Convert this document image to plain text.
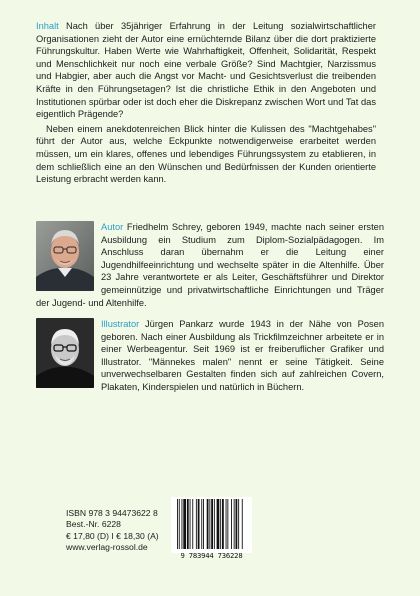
Inhalt Nach über 35jähriger Erfahrung in der Leitung sozialwirtschaftlicher Organisationen zieht der Autor eine ernüchternde Bilanz über die dort praktizierte Führungskultur. Haben Werte wie Wahrhaftigkeit, Offenheit, Solidarität, Respekt und Menschlichkeit nur noch eine verbale Größe? Sind Machtgier, Narzissmus und Habgier, aber auch die Angst vor Macht- und Gesichtsverlust die treibenden Kräfte in den Führungsetagen? Ist die christliche Ethik in den Angeboten und Institutionen spürbar oder ist doch eher die Diskrepanz zwischen Wort und Tat das eigentlich Prägende?

Neben einem anekdotenreichen Blick hinter die Kulissen des "Machtgehabes" führt der Autor aus, welche Eckpunkte notwendigerweise erarbeitet werden müssen, um ein klares, offenes und lebendiges Führungssystem zu etablieren, in dem schließlich eine an den Wünschen und Bedürfnissen der Kunden orientierte Leistung erbracht werden kann.

Autor Friedhelm Schrey, geboren 1949, machte nach seiner ersten Ausbildung ein Studium zum Diplom-Sozialpädagogen. Im Anschluss daran übernahm er die Leitung einer Jugendhilfeeinrichtung und wechselte später in die Altenhilfe. Über 23 Jahre verantwortete er als Leiter, Geschäftsführer und Direktor gemeinnützige und privatwirtschaftliche Einrichtungen und Träger der Jugend- und Altenhilfe.
Illustrator Jürgen Pankarz wurde 1943 in der Nähe von Posen geboren. Nach einer Ausbildung als Trickfilmzeichner arbeitete er in einer Werbeagentur. Seit 1969 ist er freiberuflicher Grafiker und Illustrator. "Männekes malen" nennt er seine Tätigkeit. Seine unverwechselbaren Gestalten finden sich auf zahlreichen Covern, Plakaten, Kinderspielen und natürlich in Büchern.
ISBN 978 3 94473622 8
Best.-Nr. 6228
€ 17,80 (D) I € 18,30 (A)
www.verlag-rossol.de
9 783944 736228
